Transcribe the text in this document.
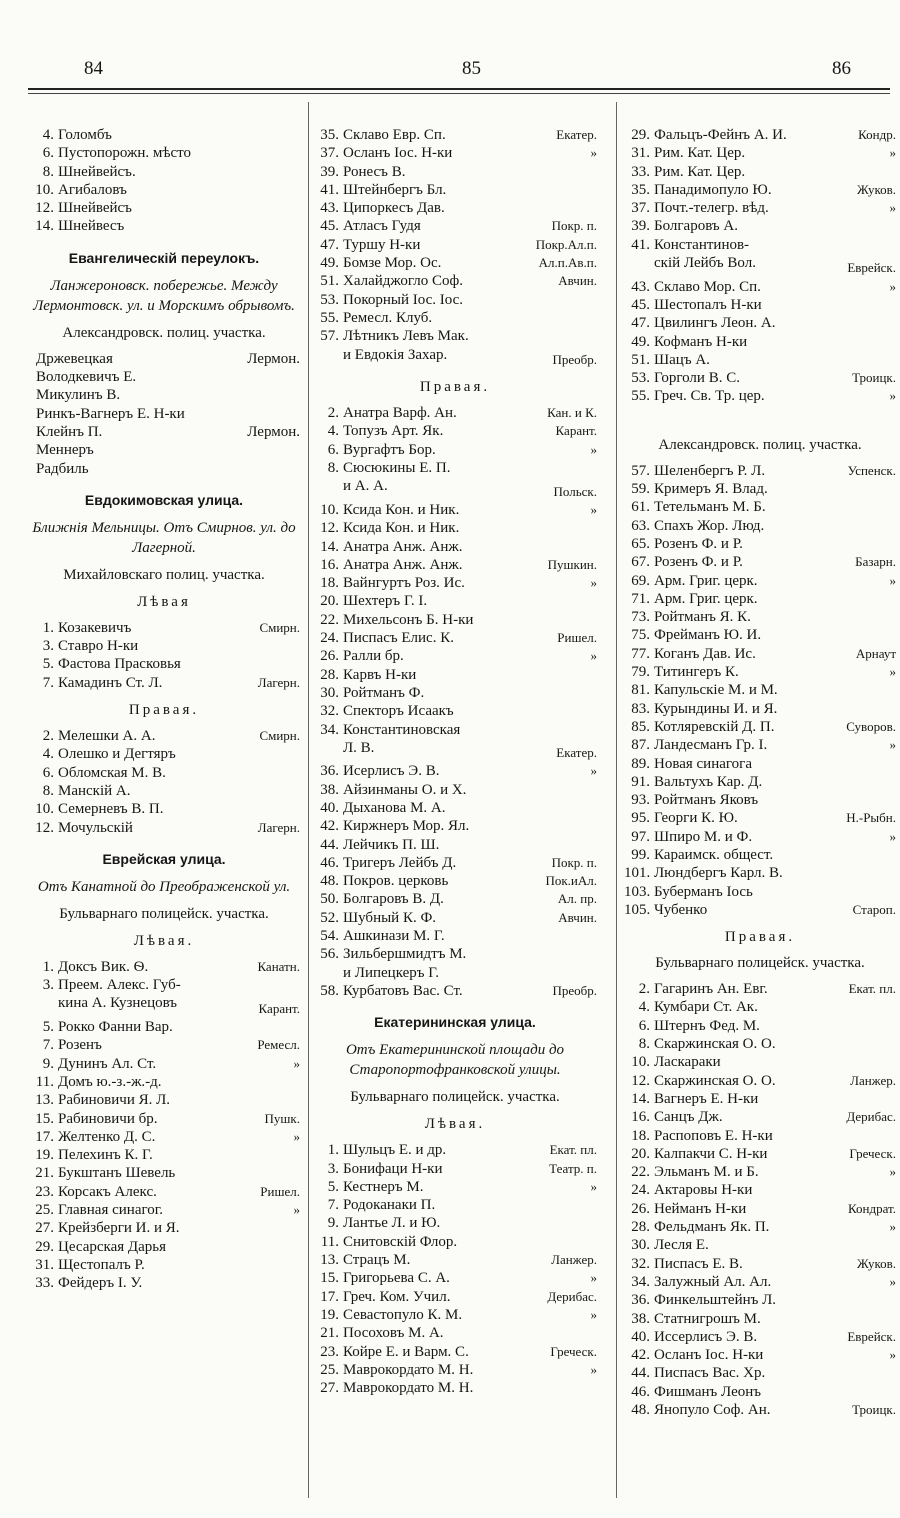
84	85	86
4. Голомбъ
6. Пустопорожн. мѣсто
8. Шнейвейсъ.
10. Агибаловъ
12. Шнейвейсъ
14. Шнейвесъ
Евангелическій переулокъ.
Ланжероновск. побережье. Между Лермонтовск. ул. и Морскимъ обрывомъ.
Александровск. полиц. участка.
Држевецкая	Лермон.
Володкевичъ Е.
Микулинъ В.
Ринкъ-Вагнеръ Е. Н-ки
Клейнъ П.	Лермон.
Меннеръ
Радбиль
Евдокимовская улица.
Ближнія Мельницы. Отъ Смирнов. ул. до Лагерной.
Михайловскаго полиц. участка.
Лѣвая
1. Козакевичъ	Смирн.
3. Ставро Н-ки
5. Фастова Прасковья
7. Камадинъ Ст. Л.	Лагерн.
Правая.
2. Мелешки А. А.	Смирн.
4. Олешко и Дегтяръ
6. Обломская М. В.
8. Манскій А.
10. Семерневъ В. П.
12. Мочульскій	Лагерн.
Еврейская улица.
Отъ Канатной до Преображенской ул.
Бульварнаго полицейск. участка.
Лѣвая.
1. Доксъ Вик. Ѳ.	Канатн.
3. Преем. Алекс. Губ-
кина А. Кузнецовъ	Карант.
5. Рокко Фанни Вар.
7. Розенъ	Ремесл.
9. Дунинъ Ал. Ст.	»
11. Домъ ю.-з.-ж.-д.
13. Рабиновичи Я. Л.
15. Рабиновичи бр.	Пушк.
17. Желтенко Д. С.	»
19. Пелехинъ К. Г.
21. Букштанъ Шевель
23. Корсакъ Алекс.	Ришел.
25. Главная синагог.	»
27. Крейзберги И. и Я.
29. Цесарская Дарья
31. Щестопалъ Р.
33. Фейдеръ I. У.
35. Склаво Евр. Сп.	Екатер.
37. Осланъ Іос. Н-ки	»
39. Ронесъ В.
41. Штейнбергъ Бл.
43. Ципоркесъ Дав.
45. Атласъ Гудя	Покр. п.
47. Туршу Н-ки	Покр.Ал.п.
49. Бомзе Мор. Ос.	Ал.п.Ав.п.
51. Халайджогло Соф.	Авчин.
53. Покорный Іос. Іос.
55. Ремесл. Клуб.
57. Лѣтникъ Левъ Мак.
и Евдокія Захар.	Преобр.
Правая.
2. Анатра Варф. Ан.	Кан. и К.
4. Топузъ Арт. Як.	Карант.
6. Вургафтъ Бор.	»
8. Сюсюкины Е. П.
и А. А.	Польск.
10. Ксида Кон. и Ник.	»
12. Ксида Кон. и Ник.
14. Анатра Анж. Анж.
16. Анатра Анж. Анж.	Пушкин.
18. Вайнгуртъ Роз. Ис.	»
20. Шехтеръ Г. I.
22. Михельсонъ Б. Н-ки
24. Писпасъ Елис. К.	Ришел.
26. Ралли бр.	»
28. Карвъ Н-ки
30. Ройтманъ Ф.
32. Спекторъ Исаакъ
34. Константиновская
Л. В.	Екатер.
36. Исерлисъ Э. В.	»
38. Айзинманы О. и Х.
40. Дыханова М. А.
42. Киржнеръ Мор. Ял.
44. Лейчикъ П. Ш.
46. Тригеръ Лейбъ Д.	Покр. п.
48. Покров. церковь	Пок.иАл.
50. Болгаровъ В. Д.	Ал. пр.
52. Шубный К. Ф.	Авчин.
54. Ашкинази М. Г.
56. Зильбершмидтъ М.
и Липецкеръ Г.
58. Курбатовъ Вас. Ст.	Преобр.
Екатерининская улица.
Отъ Екатерининской площади до Старопортофранковской улицы.
Бульварнаго полицейск. участка.
Лѣвая.
1. Шульцъ Е. и др.	Екат. пл.
3. Бонифаци Н-ки	Театр. п.
5. Кестнеръ М.	»
7. Родоканаки П.
9. Лантье Л. и Ю.
11. Снитовскій Флор.
13. Страцъ М.	Ланжер.
15. Григорьева С. А.	»
17. Греч. Ком. Учил.	Дерибас.
19. Севастопуло К. М.	»
21. Посоховъ М. А.
23. Койре Е. и Варм. С.	Греческ.
25. Маврокордато М. Н.	»
27. Маврокордато М. Н.
29. Фальцъ-Фейнъ А. И.	Кондр.
31. Рим. Кат. Цер.	»
33. Рим. Кат. Цер.
35. Панадимопуло Ю.	Жуков.
37. Почт.-телегр. вѣд.	»
39. Болгаровъ А.
41. Константинов-
скій Лейбъ Вол.	Еврейск.
43. Склаво Мор. Сп.	»
45. Шестопалъ Н-ки
47. Цвилингъ Леон. А.
49. Кофманъ Н-ки
51. Шацъ А.
53. Горголи В. С.	Троицк.
55. Греч. Св. Тр. цер.	»
Александровск. полиц. участка.
57. Шеленбергъ Р. Л.	Успенск.
59. Кримеръ Я. Влад.
61. Тетельманъ М. Б.
63. Спахъ Жор. Люд.
65. Розенъ Ф. и Р.
67. Розенъ Ф. и Р.	Базарн.
69. Арм. Григ. церк.	»
71. Арм. Григ. церк.
73. Ройтманъ Я. К.
75. Фрейманъ Ю. И.
77. Коганъ Дав. Ис.	Арнаут
79. Титингеръ К.	»
81. Капульскіе М. и М.
83. Курындины И. и Я.
85. Котляревскій Д. П.	Суворов.
87. Ландесманъ Гр. I.	»
89. Новая синагога
91. Вальтухъ Кар. Д.
93. Ройтманъ Яковъ
95. Георги К. Ю.	Н.-Рыбн.
97. Шпиро М. и Ф.	»
99. Караимск. общест.
101. Люндбергъ Карл. В.
103. Буберманъ Іось
105. Чубенко	Староп.
Правая.
Бульварнаго полицейск. участка.
2. Гагаринъ Ан. Евг.	Екат. пл.
4. Кумбари Ст. Ак.
6. Штернъ Фед. М.
8. Скаржинская О. О.
10. Ласкараки
12. Скаржинская О. О.	Ланжер.
14. Вагнеръ Е. Н-ки
16. Санцъ Дж.	Дерибас.
18. Распоповъ Е. Н-ки
20. Калпакчи С. Н-ки	Греческ.
22. Эльманъ М. и Б.	»
24. Актаровы Н-ки
26. Нейманъ Н-ки	Кондрат.
28. Фельдманъ Як. П.	»
30. Лесля Е.
32. Писпасъ Е. В.	Жуков.
34. Залужный Ал. Ал.	»
36. Финкельштейнъ Л.
38. Статнигрошъ М.
40. Иссерлисъ Э. В.	Еврейск.
42. Осланъ Іос. Н-ки	»
44. Писпасъ Вас. Хр.
46. Фишманъ Леонъ
48. Янопуло Соф. Ан.	Троицк.
